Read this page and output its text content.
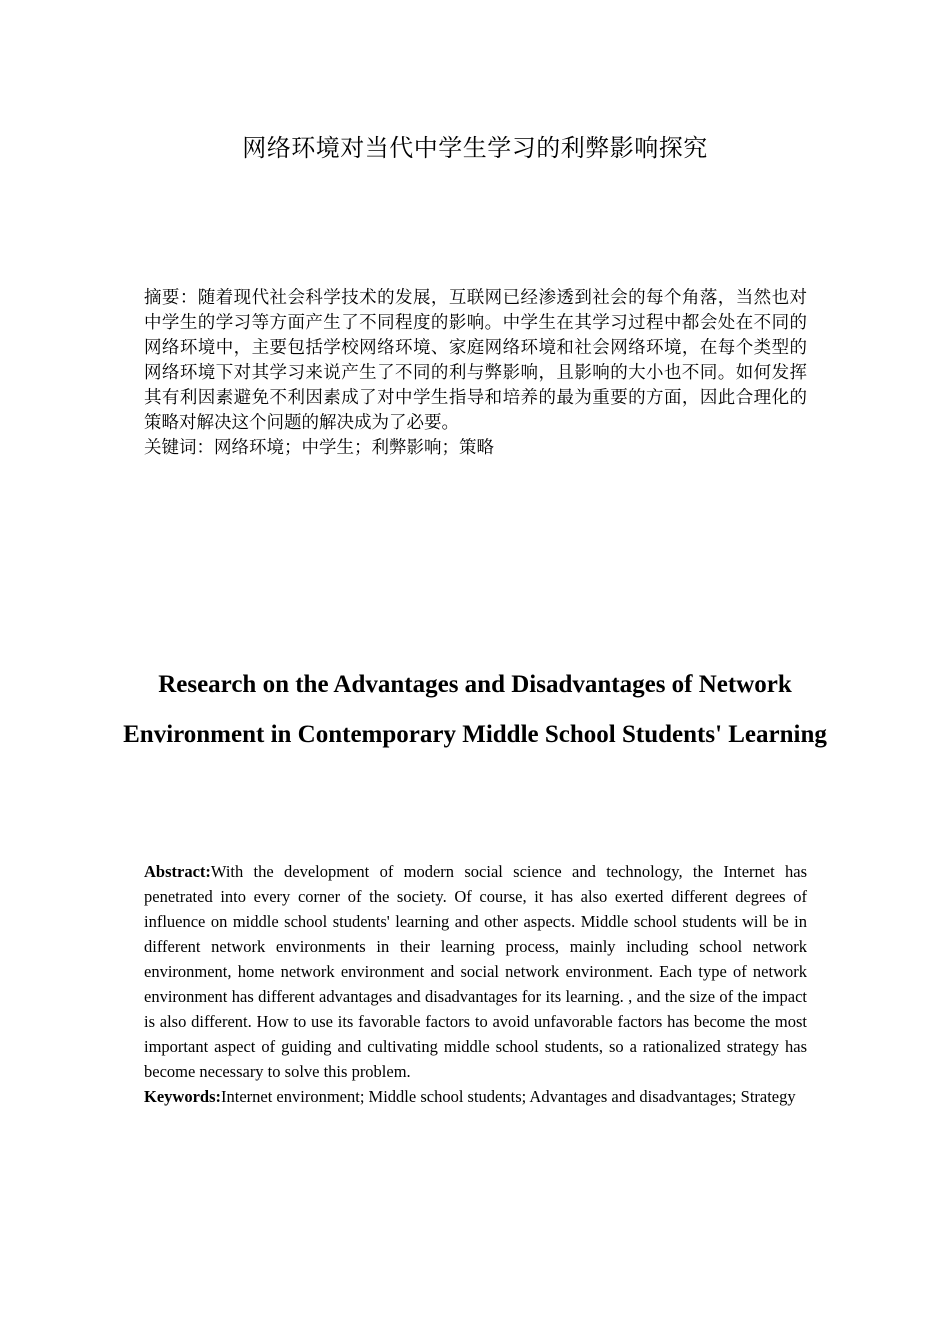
网络环境对当代中学生学习的利弊影响探究

摘要：随着现代社会科学技术的发展，互联网已经渗透到社会的每个角落，当然也对中学生的学习等方面产生了不同程度的影响。中学生在其学习过程中都会处在不同的网络环境中，主要包括学校网络环境、家庭网络环境和社会网络环境，在每个类型的网络环境下对其学习来说产生了不同的利与弊影响，且影响的大小也不同。如何发挥其有利因素避免不利因素成了对中学生指导和培养的最为重要的方面，因此合理化的策略对解决这个问题的解决成为了必要。

关键词：网络环境；中学生；利弊影响；策略

Research on the Advantages and Disadvantages of Network Environment in Contemporary Middle School Students' Learning

Abstract:With the development of modern social science and technology, the Internet has penetrated into every corner of the society. Of course, it has also exerted different degrees of influence on middle school students' learning and other aspects. Middle school students will be in different network environments in their learning process, mainly including school network environment, home network environment and social network environment. Each type of network environment has different advantages and disadvantages for its learning. , and the size of the impact is also different. How to use its favorable factors to avoid unfavorable factors has become the most important aspect of guiding and cultivating middle school students, so a rationalized strategy has become necessary to solve this problem.

Keywords:Internet environment; Middle school students; Advantages and disadvantages; Strategy
